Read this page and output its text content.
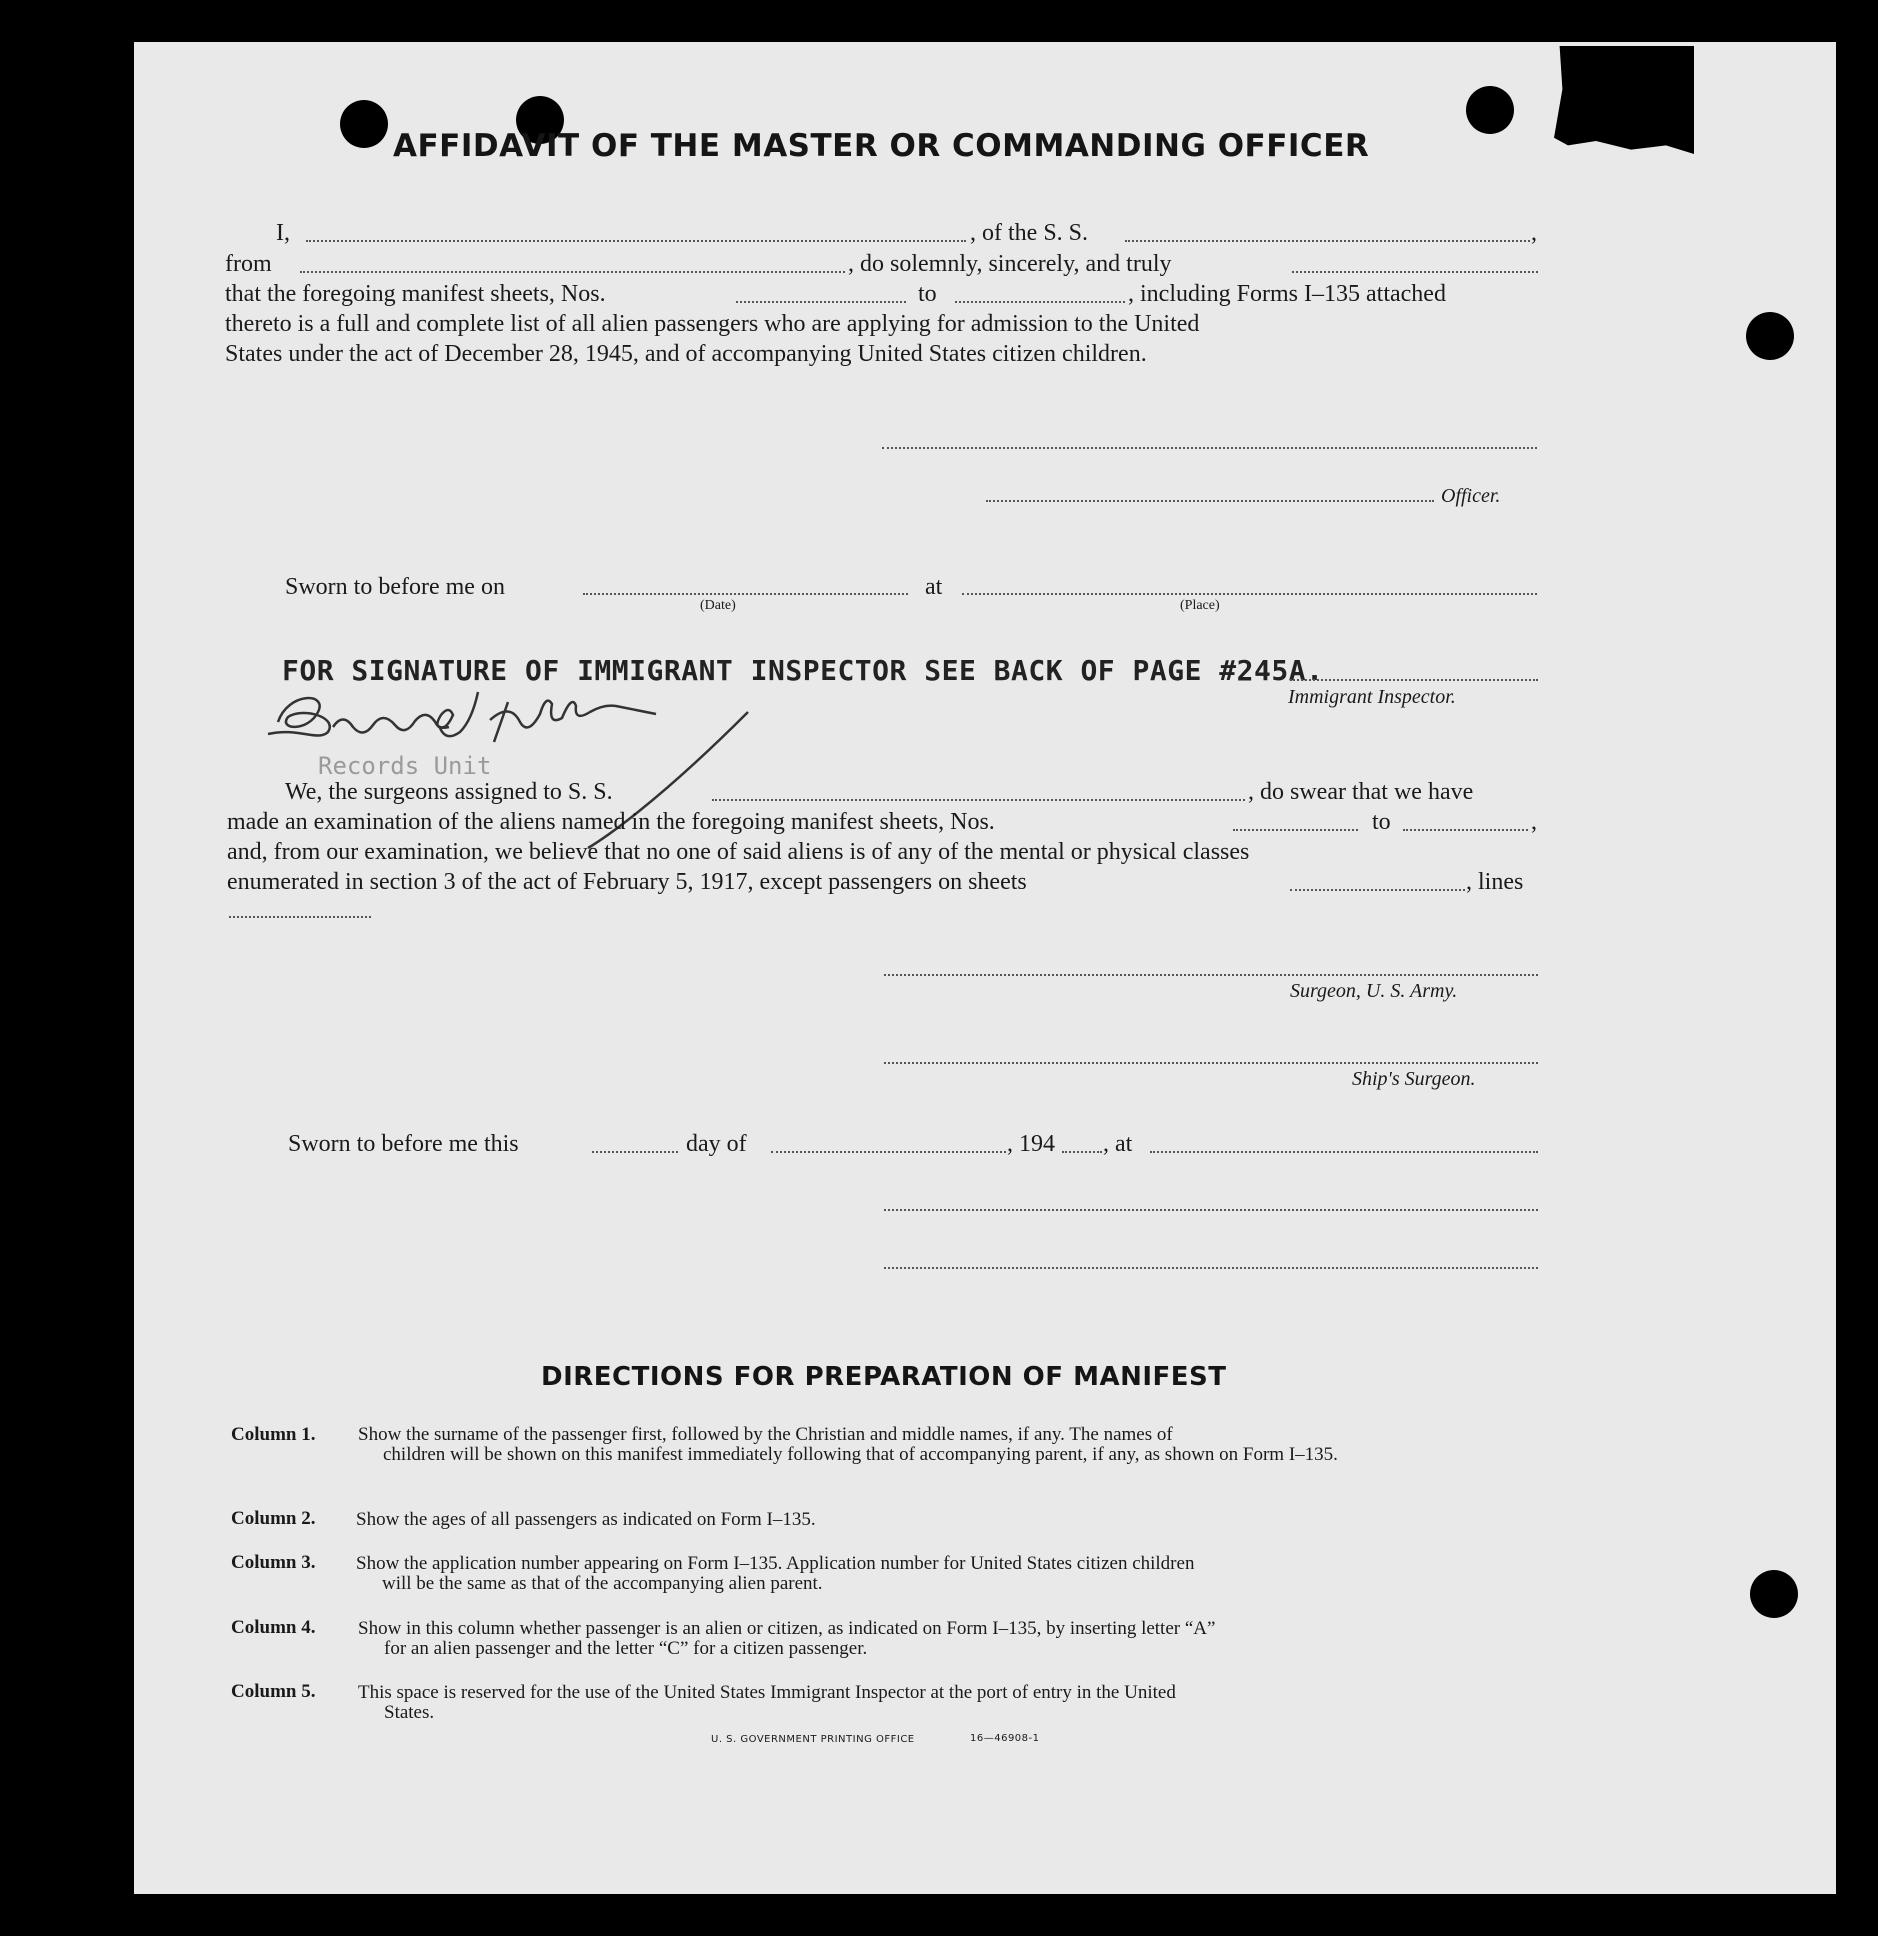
AFFIDAVIT OF THE MASTER OR COMMANDING OFFICER
I,	, of the S. S.	,
from	, do solemnly, sincerely, and truly
that the foregoing manifest sheets, Nos.	to	, including Forms I–135 attached
thereto is a full and complete list of all alien passengers who are applying for admission to the United
States under the act of December 28, 1945, and of accompanying United States citizen children.
Officer.
Sworn to before me on	at
(Date)	(Place)
FOR SIGNATURE OF IMMIGRANT INSPECTOR SEE BACK OF PAGE #245A.
Immigrant Inspector.
Records Unit
We, the surgeons assigned to S. S.	, do swear that we have
made an examination of the aliens named in the foregoing manifest sheets, Nos.	to	,
and, from our examination, we believe that no one of said aliens is of any of the mental or physical classes
enumerated in section 3 of the act of February 5, 1917, except passengers on sheets	, lines
Surgeon, U. S. Army.
Ship's Surgeon.
Sworn to before me this	day of	, 194 , at
DIRECTIONS FOR PREPARATION OF MANIFEST
Column 1. Show the surname of the passenger first, followed by the Christian and middle names, if any. The names of
children will be shown on this manifest immediately following that of accompanying parent, if any, as shown on Form I–135.
Column 2. Show the ages of all passengers as indicated on Form I–135.
Column 3. Show the application number appearing on Form I–135. Application number for United States citizen children
will be the same as that of the accompanying alien parent.
Column 4. Show in this column whether passenger is an alien or citizen, as indicated on Form I–135, by inserting letter “A”
for an alien passenger and the letter “C” for a citizen passenger.
Column 5. This space is reserved for the use of the United States Immigrant Inspector at the port of entry in the United
States.
U. S. GOVERNMENT PRINTING OFFICE	16—46908-1
